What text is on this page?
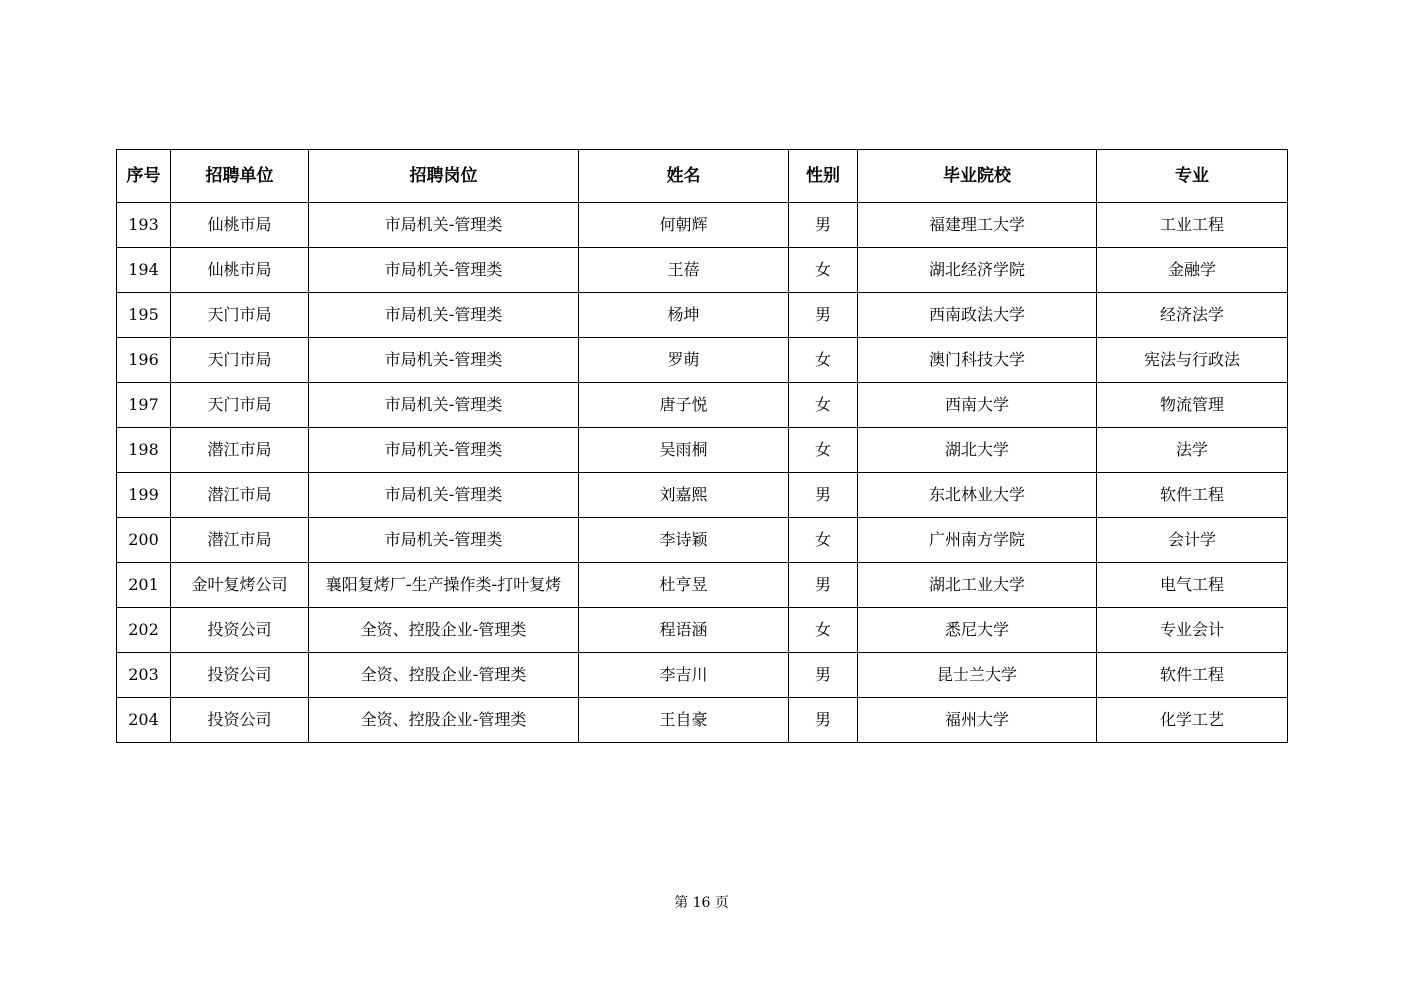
序号	招聘单位	招聘岗位	姓名	性别	毕业院校	专业
193	仙桃市局	市局机关-管理类	何朝辉	男	福建理工大学	工业工程
194	仙桃市局	市局机关-管理类	王蓓	女	湖北经济学院	金融学
195	天门市局	市局机关-管理类	杨坤	男	西南政法大学	经济法学
196	天门市局	市局机关-管理类	罗萌	女	澳门科技大学	宪法与行政法
197	天门市局	市局机关-管理类	唐子悦	女	西南大学	物流管理
198	潜江市局	市局机关-管理类	吴雨桐	女	湖北大学	法学
199	潜江市局	市局机关-管理类	刘嘉熙	男	东北林业大学	软件工程
200	潜江市局	市局机关-管理类	李诗颖	女	广州南方学院	会计学
201	金叶复烤公司	襄阳复烤厂-生产操作类-打叶复烤	杜亨昱	男	湖北工业大学	电气工程
202	投资公司	全资、控股企业-管理类	程语涵	女	悉尼大学	专业会计
203	投资公司	全资、控股企业-管理类	李吉川	男	昆士兰大学	软件工程
204	投资公司	全资、控股企业-管理类	王自豪	男	福州大学	化学工艺
第 16 页
